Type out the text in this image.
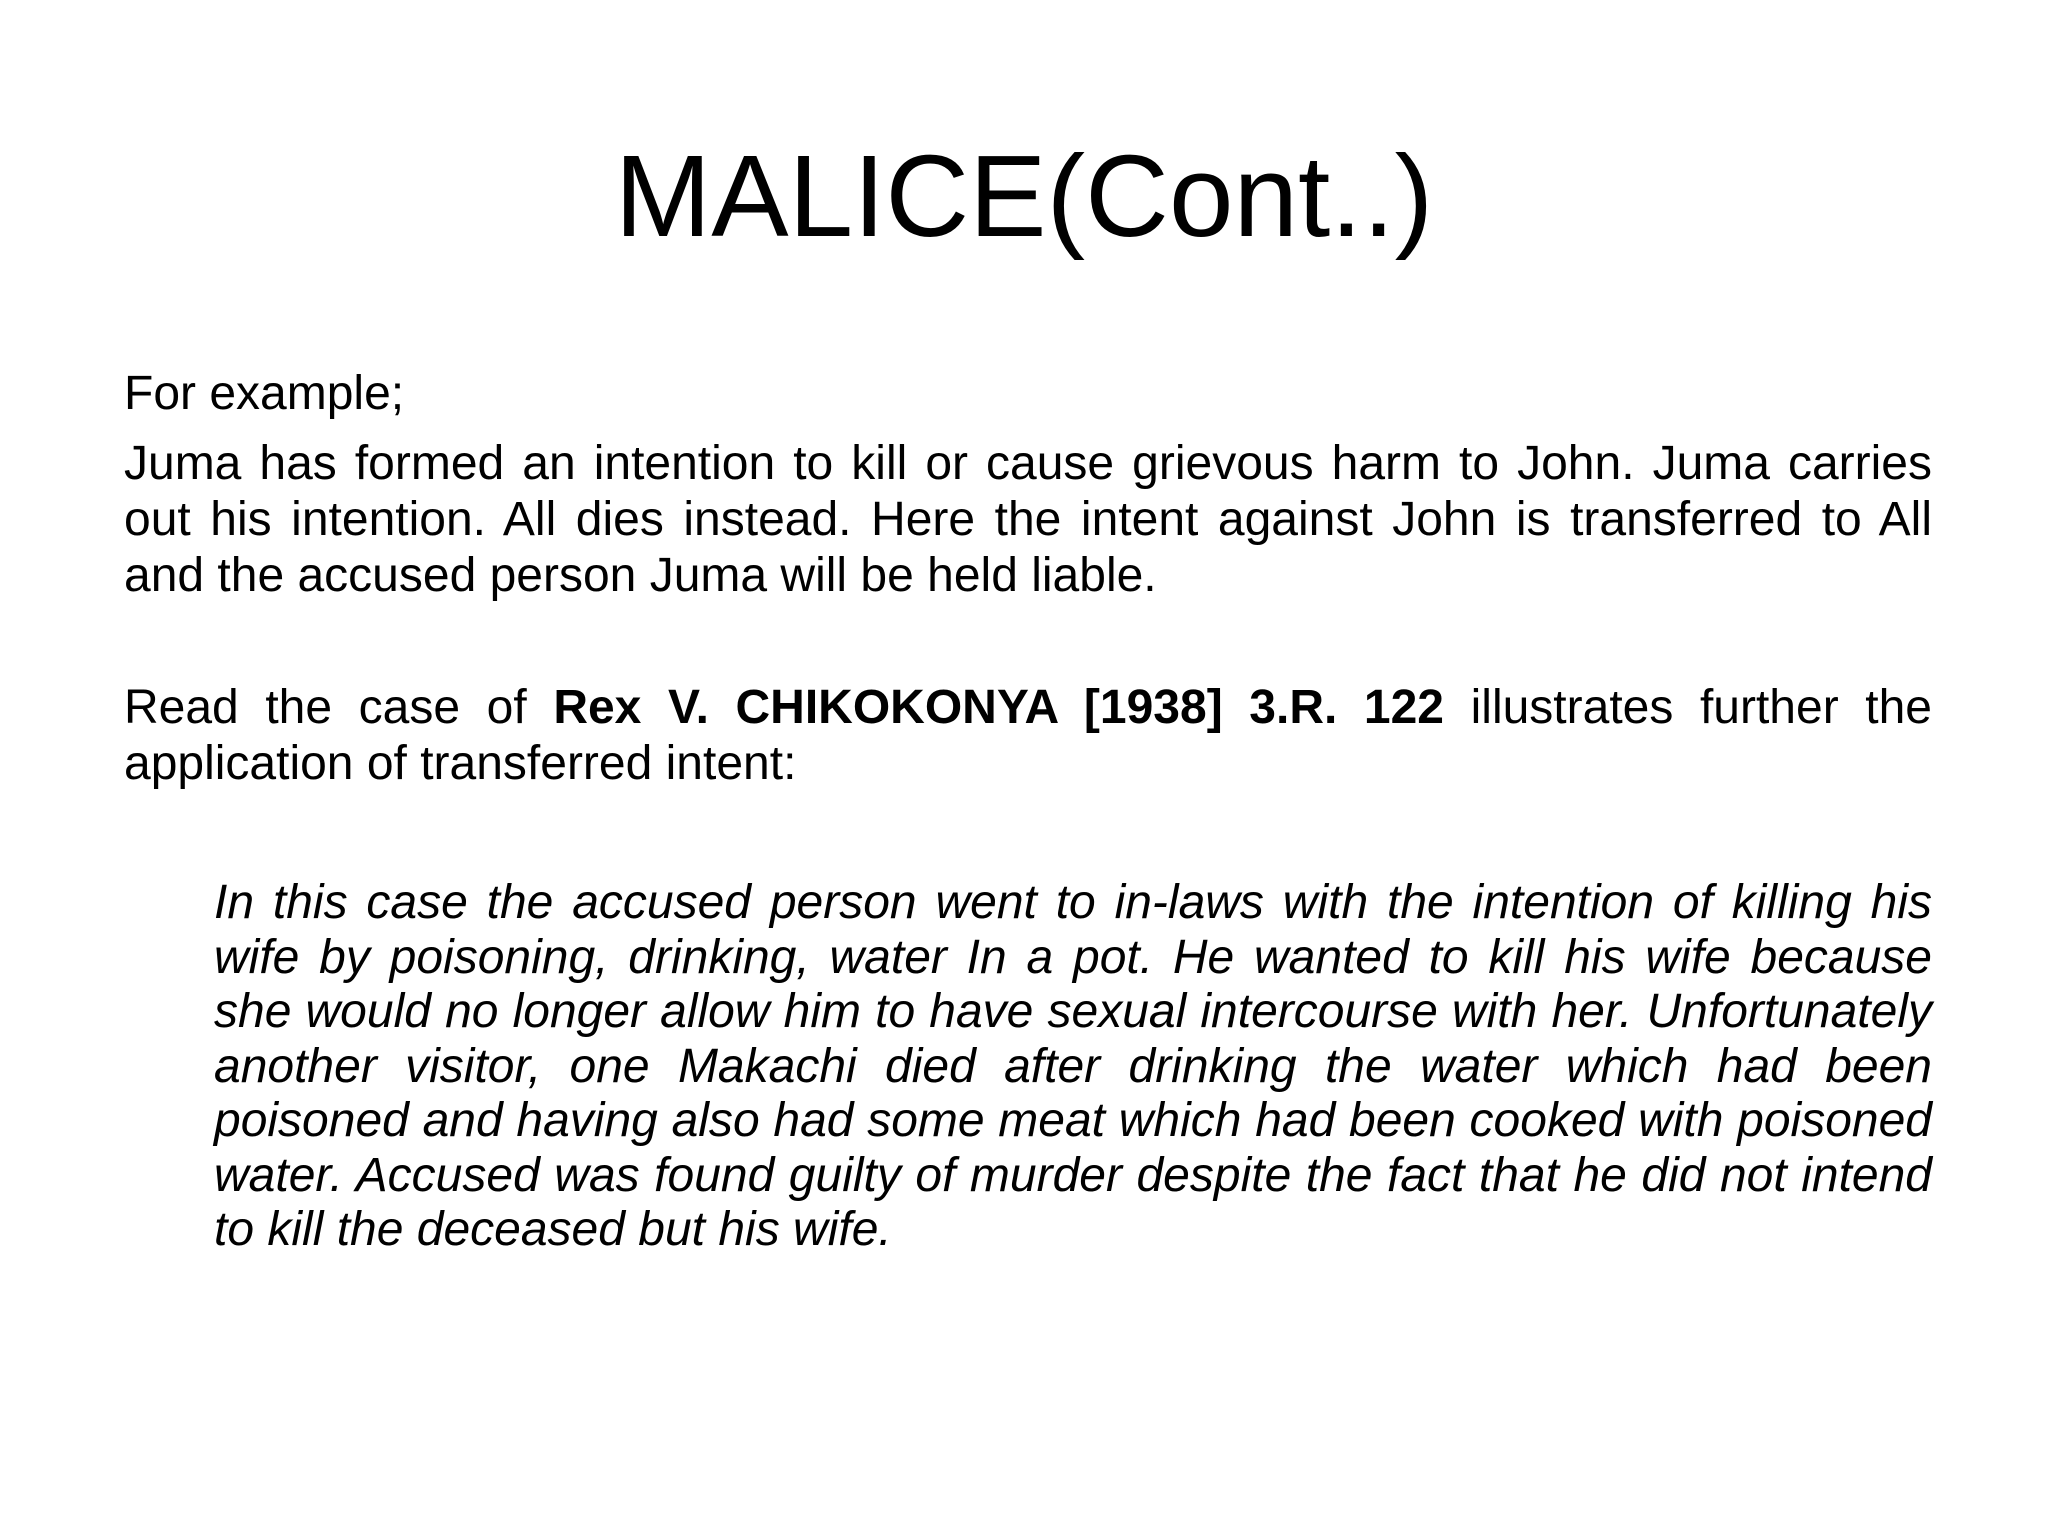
MALICE(Cont..)

For example;

Juma has formed an intention to kill or cause grievous harm to John. Juma carries out his intention. All dies instead. Here the intent against John is transferred to All and the accused person Juma will be held liable.

Read the case of Rex V. CHIKOKONYA [1938] 3.R. 122 illustrates further the application of transferred intent:

In this case the accused person went to in-laws with the intention of killing his wife by poisoning, drinking, water In a pot. He wanted to kill his wife because she would no longer allow him to have sexual intercourse with her. Unfortunately another visitor, one Makachi died after drinking the water which had been poisoned and having also had some meat which had been cooked with poisoned water. Accused was found guilty of murder despite the fact that he did not intend to kill the deceased but his wife.
